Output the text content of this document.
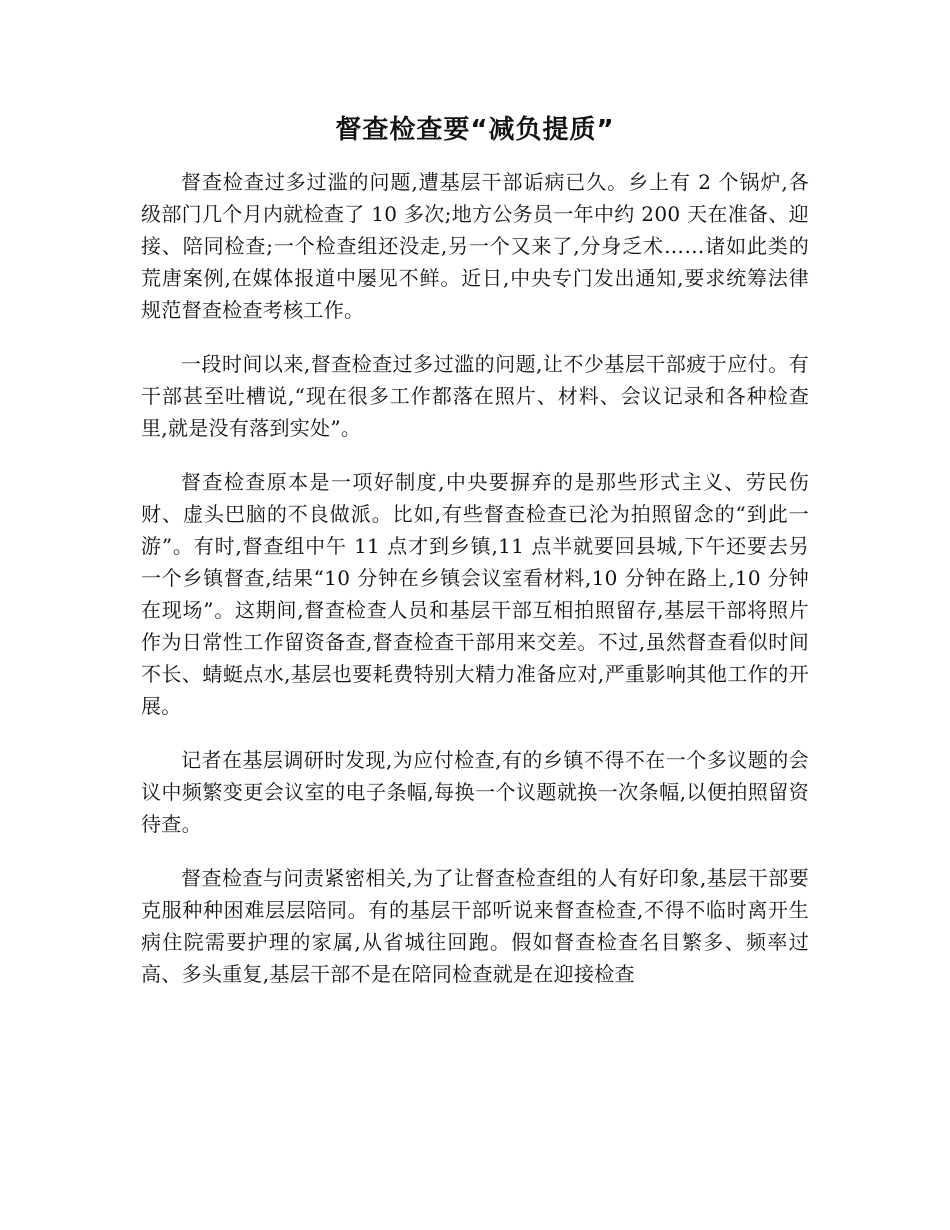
督查检查要“减负提质”

督查检查过多过滥的问题,遭基层干部诟病已久。乡上有 2 个锅炉,各级部门几个月内就检查了 10 多次;地方公务员一年中约 200 天在准备、迎接、陪同检查;一个检查组还没走,另一个又来了,分身乏术……诸如此类的荒唐案例,在媒体报道中屡见不鲜。近日,中央专门发出通知,要求统筹法律规范督查检查考核工作。

一段时间以来,督查检查过多过滥的问题,让不少基层干部疲于应付。有干部甚至吐槽说,“现在很多工作都落在照片、材料、会议记录和各种检查里,就是没有落到实处”。

督查检查原本是一项好制度,中央要摒弃的是那些形式主义、劳民伤财、虚头巴脑的不良做派。比如,有些督查检查已沦为拍照留念的“到此一游”。有时,督查组中午 11 点才到乡镇,11 点半就要回县城,下午还要去另一个乡镇督查,结果“10 分钟在乡镇会议室看材料,10 分钟在路上,10 分钟在现场”。这期间,督查检查人员和基层干部互相拍照留存,基层干部将照片作为日常性工作留资备查,督查检查干部用来交差。不过,虽然督查看似时间不长、蜻蜓点水,基层也要耗费特别大精力准备应对,严重影响其他工作的开展。

记者在基层调研时发现,为应付检查,有的乡镇不得不在一个多议题的会议中频繁变更会议室的电子条幅,每换一个议题就换一次条幅,以便拍照留资待查。

督查检查与问责紧密相关,为了让督查检查组的人有好印象,基层干部要克服种种困难层层陪同。有的基层干部听说来督查检查,不得不临时离开生病住院需要护理的家属,从省城往回跑。假如督查检查名目繁多、频率过高、多头重复,基层干部不是在陪同检查就是在迎接检查
